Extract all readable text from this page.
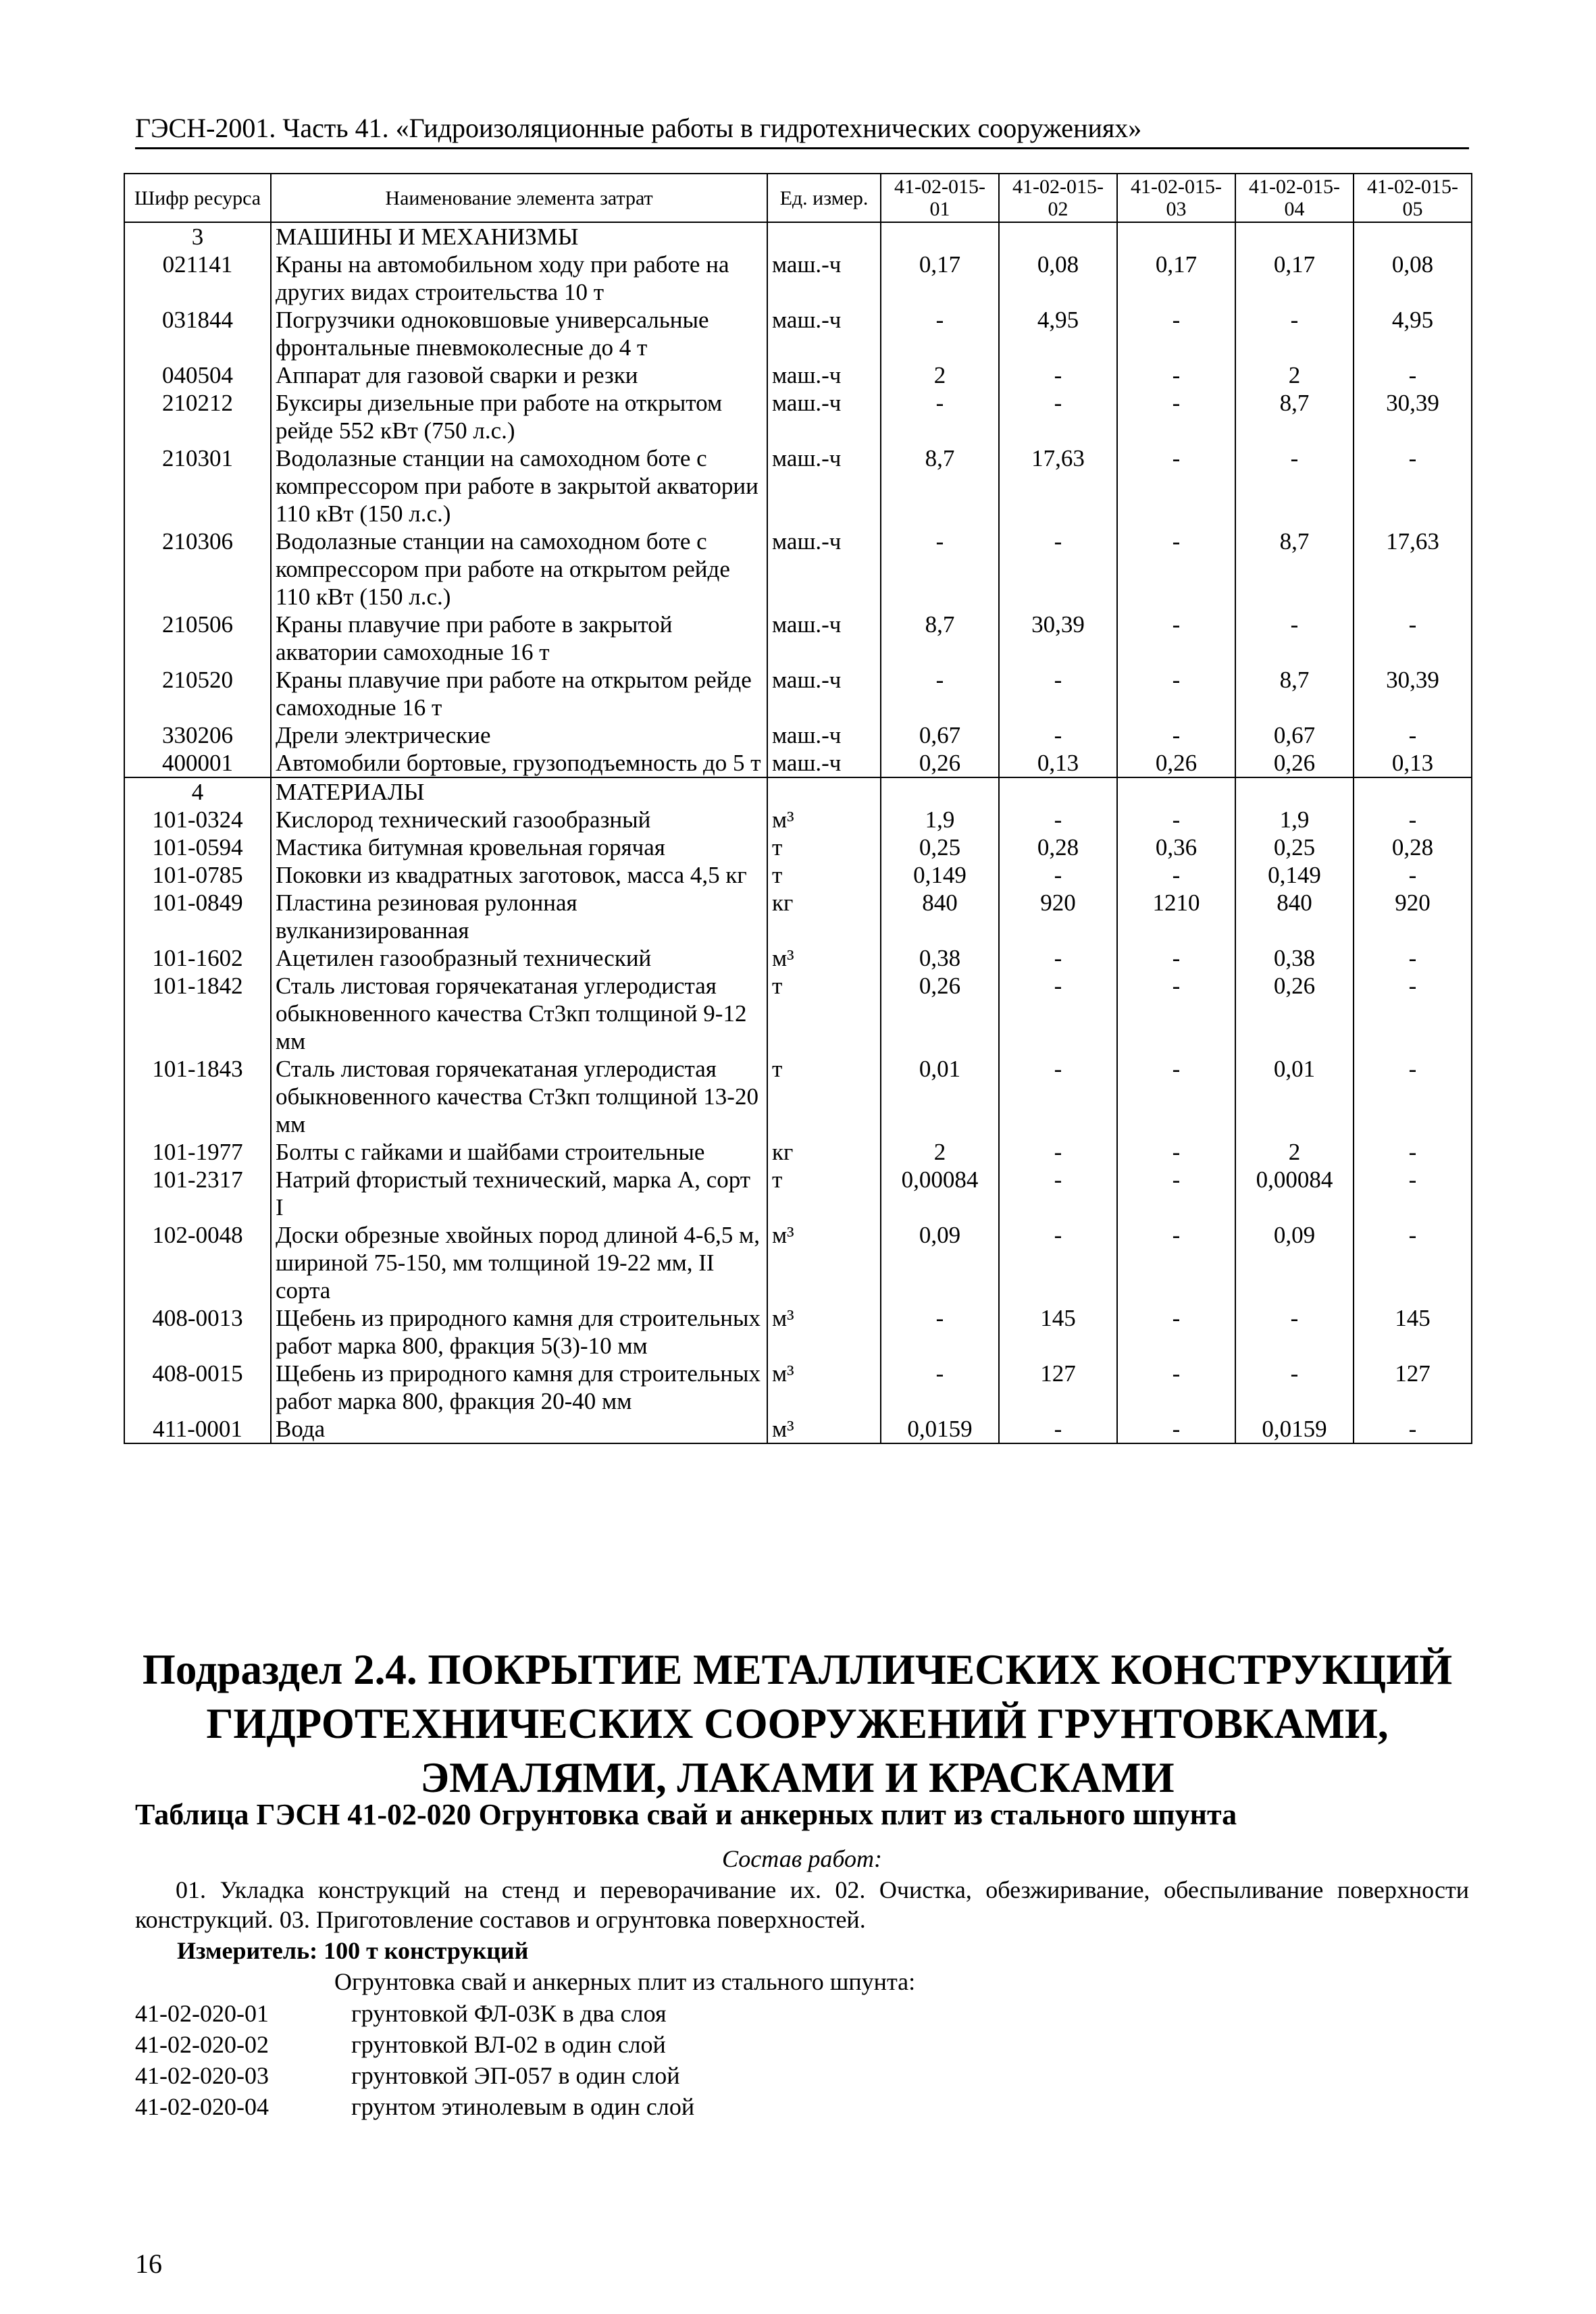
ГЭСН-2001. Часть 41. «Гидроизоляционные работы в гидротехнических сооружениях»
Шифр ресурса	Наименование элемента затрат	Ед. измер.	41-02-015-01	41-02-015-02	41-02-015-03	41-02-015-04	41-02-015-05
3	МАШИНЫ И МЕХАНИЗМЫ						
021141	Краны на автомобильном ходу при работе на других видах строительства 10 т	маш.-ч	0,17	0,08	0,17	0,17	0,08
031844	Погрузчики одноковшовые универсальные фронтальные пневмоколесные до 4 т	маш.-ч	-	4,95	-	-	4,95
040504	Аппарат для газовой сварки и резки	маш.-ч	2	-	-	2	-
210212	Буксиры дизельные при работе на открытом рейде 552 кВт (750 л.с.)	маш.-ч	-	-	-	8,7	30,39
210301	Водолазные станции на самоходном боте с компрессором при работе в закрытой акватории 110 кВт (150 л.с.)	маш.-ч	8,7	17,63	-	-	-
210306	Водолазные станции на самоходном боте с компрессором при работе на открытом рейде 110 кВт (150 л.с.)	маш.-ч	-	-	-	8,7	17,63
210506	Краны плавучие при работе в закрытой акватории самоходные 16 т	маш.-ч	8,7	30,39	-	-	-
210520	Краны плавучие при работе на открытом рейде самоходные 16 т	маш.-ч	-	-	-	8,7	30,39
330206	Дрели электрические	маш.-ч	0,67	-	-	0,67	-
400001	Автомобили бортовые, грузоподъемность до 5 т	маш.-ч	0,26	0,13	0,26	0,26	0,13
4	МАТЕРИАЛЫ						
101-0324	Кислород технический газообразный	м³	1,9	-	-	1,9	-
101-0594	Мастика битумная кровельная горячая	т	0,25	0,28	0,36	0,25	0,28
101-0785	Поковки из квадратных заготовок, масса 4,5 кг	т	0,149	-	-	0,149	-
101-0849	Пластина резиновая рулонная вулканизированная	кг	840	920	1210	840	920
101-1602	Ацетилен газообразный технический	м³	0,38	-	-	0,38	-
101-1842	Сталь листовая горячекатаная углеродистая обыкновенного качества Ст3кп толщиной 9-12 мм	т	0,26	-	-	0,26	-
101-1843	Сталь листовая горячекатаная углеродистая обыкновенного качества Ст3кп толщиной 13-20 мм	т	0,01	-	-	0,01	-
101-1977	Болты с гайками и шайбами строительные	кг	2	-	-	2	-
101-2317	Натрий фтористый технический, марка А, сорт I	т	0,00084	-	-	0,00084	-
102-0048	Доски обрезные хвойных пород длиной 4-6,5 м, шириной 75-150, мм толщиной 19-22 мм, II сорта	м³	0,09	-	-	0,09	-
408-0013	Щебень из природного камня для строительных работ марка 800, фракция 5(3)-10 мм	м³	-	145	-	-	145
408-0015	Щебень из природного камня для строительных работ марка 800, фракция 20-40 мм	м³	-	127	-	-	127
411-0001	Вода	м³	0,0159	-	-	0,0159	-
Подраздел 2.4. ПОКРЫТИЕ МЕТАЛЛИЧЕСКИХ КОНСТРУКЦИЙ ГИДРОТЕХНИЧЕСКИХ СООРУЖЕНИЙ ГРУНТОВКАМИ, ЭМАЛЯМИ, ЛАКАМИ И КРАСКАМИ
Таблица ГЭСН 41-02-020 Огрунтовка свай и анкерных плит из стального шпунта
Состав работ:
01. Укладка конструкций на стенд и переворачивание их. 02. Очистка, обезжиривание, обеспыливание поверхности конструкций. 03. Приготовление составов и огрунтовка поверхностей.
Измеритель: 100 т конструкций
Огрунтовка свай и анкерных плит из стального шпунта:
41-02-020-01	грунтовкой ФЛ-03К в два слоя
41-02-020-02	грунтовкой ВЛ-02 в один слой
41-02-020-03	грунтовкой ЭП-057 в один слой
41-02-020-04	грунтом этинолевым в один слой
16
